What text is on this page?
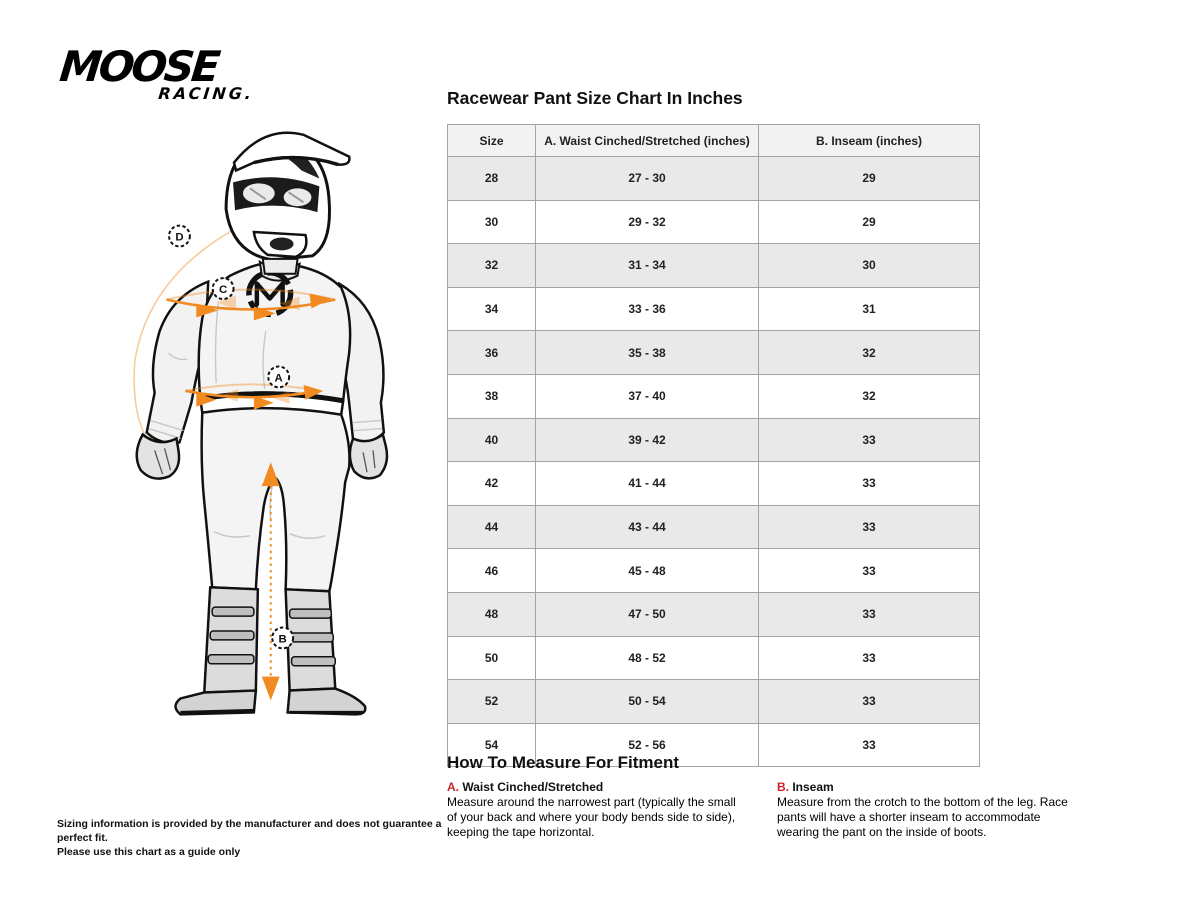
MOOSE
RACING.
D
C
A
B
Racewear Pant Size Chart In Inches
Size	A. Waist Cinched/Stretched (inches)	B. Inseam (inches)
28	27 - 30	29
30	29 - 32	29
32	31 - 34	30
34	33 - 36	31
36	35 - 38	32
38	37 - 40	32
40	39 - 42	33
42	41 - 44	33
44	43 - 44	33
46	45 - 48	33
48	47 - 50	33
50	48 - 52	33
52	50 - 54	33
54	52 - 56	33
How To Measure For Fitment
A. Waist Cinched/Stretched

Measure around the narrowest part (typically the small of your back and where your body bends side to side), keeping the tape horizontal.

B. Inseam

Measure from the crotch to the bottom of the leg. Race pants will have a shorter inseam to accommodate wearing the pant on the inside of boots.

Sizing information is provided by the manufacturer and does not guarantee a perfect fit.
Please use this chart as a guide only
